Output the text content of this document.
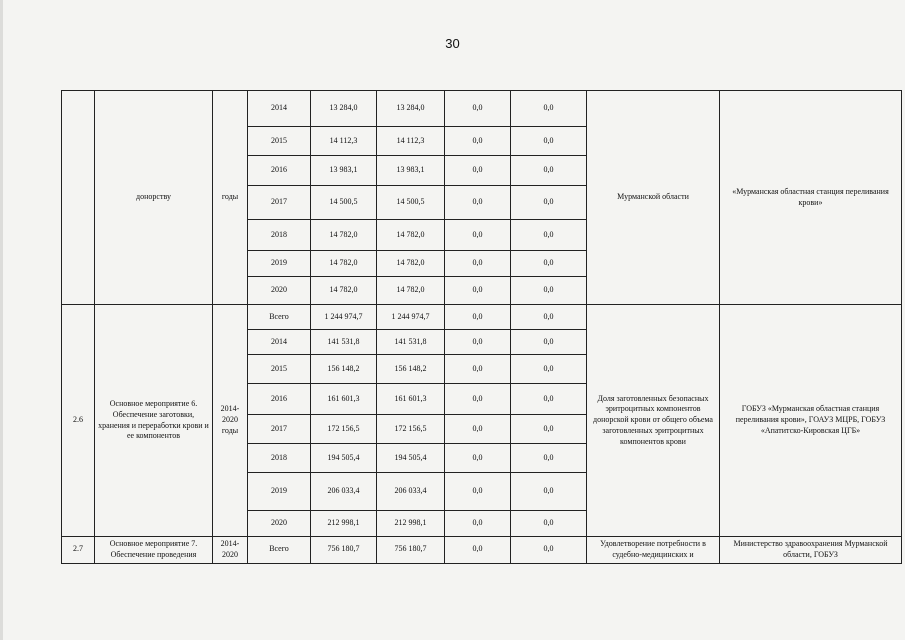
30
	донорству	годы	2014	13 284,0	13 284,0	0,0	0,0	Мурманской области	«Мурманская областная станция переливания крови»
			2015	14 112,3	14 112,3	0,0	0,0		
			2016	13 983,1	13 983,1	0,0	0,0		
			2017	14 500,5	14 500,5	0,0	0,0		
			2018	14 782,0	14 782,0	0,0	0,0		
			2019	14 782,0	14 782,0	0,0	0,0		
			2020	14 782,0	14 782,0	0,0	0,0		
2.6	Основное мероприятие 6. Обеспечение заготовки, хранения и переработки крови и ее компонентов	2014-2020 годы	Всего	1 244 974,7	1 244 974,7	0,0	0,0	Доля заготовленных безопасных эритроцитных компонентов донорской крови от общего объема заготовленных эритроцитных компонентов крови	ГОБУЗ «Мурманская областная станция переливания крови», ГОАУЗ МЦРБ, ГОБУЗ «Апатитско-Кировская ЦГБ»
			2014	141 531,8	141 531,8	0,0	0,0		
			2015	156 148,2	156 148,2	0,0	0,0		
			2016	161 601,3	161 601,3	0,0	0,0		
			2017	172 156,5	172 156,5	0,0	0,0		
			2018	194 505,4	194 505,4	0,0	0,0		
			2019	206 033,4	206 033,4	0,0	0,0		
			2020	212 998,1	212 998,1	0,0	0,0		
2.7	Основное мероприятие 7. Обеспечение проведения	2014-2020	Всего	756 180,7	756 180,7	0,0	0,0	Удовлетворение потребности в судебно-медицинских и	Министерство здравоохранения Мурманской области, ГОБУЗ
